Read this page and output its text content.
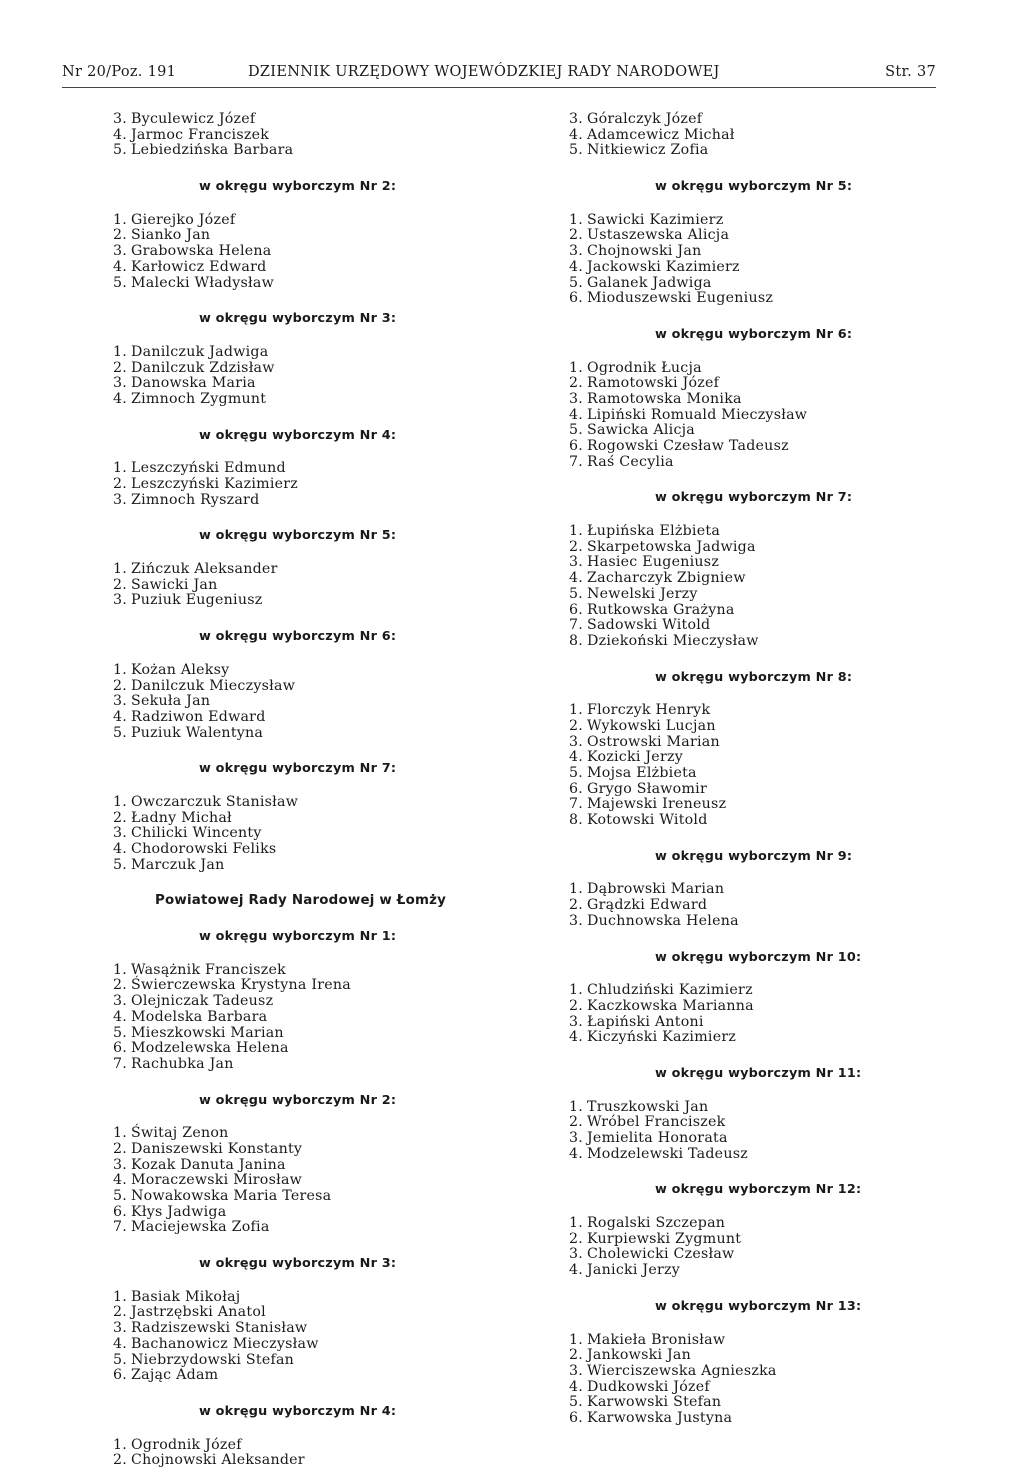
Nr 20/Poz. 191	DZIENNIK URZĘDOWY WOJEWÓDZKIEJ RADY NARODOWEJ	Str. 37
3. Byculewicz Józef
4. Jarmoc Franciszek
5. Lebiedzińska Barbara
w okręgu wyborczym Nr 2:
1. Gierejko Józef
2. Sianko Jan
3. Grabowska Helena
4. Karłowicz Edward
5. Malecki Władysław
w okręgu wyborczym Nr 3:
1. Danilczuk Jadwiga
2. Danilczuk Zdzisław
3. Danowska Maria
4. Zimnoch Zygmunt
w okręgu wyborczym Nr 4:
1. Leszczyński Edmund
2. Leszczyński Kazimierz
3. Zimnoch Ryszard
w okręgu wyborczym Nr 5:
1. Zińczuk Aleksander
2. Sawicki Jan
3. Puziuk Eugeniusz
w okręgu wyborczym Nr 6:
1. Kożan Aleksy
2. Danilczuk Mieczysław
3. Sekuła Jan
4. Radziwon Edward
5. Puziuk Walentyna
w okręgu wyborczym Nr 7:
1. Owczarczuk Stanisław
2. Ładny Michał
3. Chilicki Wincenty
4. Chodorowski Feliks
5. Marczuk Jan
Powiatowej Rady Narodowej w Łomży
w okręgu wyborczym Nr 1:
1. Wasążnik Franciszek
2. Świerczewska Krystyna Irena
3. Olejniczak Tadeusz
4. Modelska Barbara
5. Mieszkowski Marian
6. Modzelewska Helena
7. Rachubka Jan
w okręgu wyborczym Nr 2:
1. Świtaj Zenon
2. Daniszewski Konstanty
3. Kozak Danuta Janina
4. Moraczewski Mirosław
5. Nowakowska Maria Teresa
6. Kłys Jadwiga
7. Maciejewska Zofia
w okręgu wyborczym Nr 3:
1. Basiak Mikołaj
2. Jastrzębski Anatol
3. Radziszewski Stanisław
4. Bachanowicz Mieczysław
5. Niebrzydowski Stefan
6. Zając Adam
w okręgu wyborczym Nr 4:
1. Ogrodnik Józef
2. Chojnowski Aleksander
3. Góralczyk Józef
4. Adamcewicz Michał
5. Nitkiewicz Zofia
w okręgu wyborczym Nr 5:
1. Sawicki Kazimierz
2. Ustaszewska Alicja
3. Chojnowski Jan
4. Jackowski Kazimierz
5. Galanek Jadwiga
6. Mioduszewski Eugeniusz
w okręgu wyborczym Nr 6:
1. Ogrodnik Łucja
2. Ramotowski Józef
3. Ramotowska Monika
4. Lipiński Romuald Mieczysław
5. Sawicka Alicja
6. Rogowski Czesław Tadeusz
7. Raś Cecylia
w okręgu wyborczym Nr 7:
1. Łupińska Elżbieta
2. Skarpetowska Jadwiga
3. Hasiec Eugeniusz
4. Zacharczyk Zbigniew
5. Newelski Jerzy
6. Rutkowska Grażyna
7. Sadowski Witold
8. Dziekoński Mieczysław
w okręgu wyborczym Nr 8:
1. Florczyk Henryk
2. Wykowski Lucjan
3. Ostrowski Marian
4. Kozicki Jerzy
5. Mojsa Elżbieta
6. Grygo Sławomir
7. Majewski Ireneusz
8. Kotowski Witold
w okręgu wyborczym Nr 9:
1. Dąbrowski Marian
2. Grądzki Edward
3. Duchnowska Helena
w okręgu wyborczym Nr 10:
1. Chludziński Kazimierz
2. Kaczkowska Marianna
3. Łapiński Antoni
4. Kiczyński Kazimierz
w okręgu wyborczym Nr 11:
1. Truszkowski Jan
2. Wróbel Franciszek
3. Jemielita Honorata
4. Modzelewski Tadeusz
w okręgu wyborczym Nr 12:
1. Rogalski Szczepan
2. Kurpiewski Zygmunt
3. Cholewicki Czesław
4. Janicki Jerzy
w okręgu wyborczym Nr 13:
1. Makieła Bronisław
2. Jankowski Jan
3. Wierciszewska Agnieszka
4. Dudkowski Józef
5. Karwowski Stefan
6. Karwowska Justyna
